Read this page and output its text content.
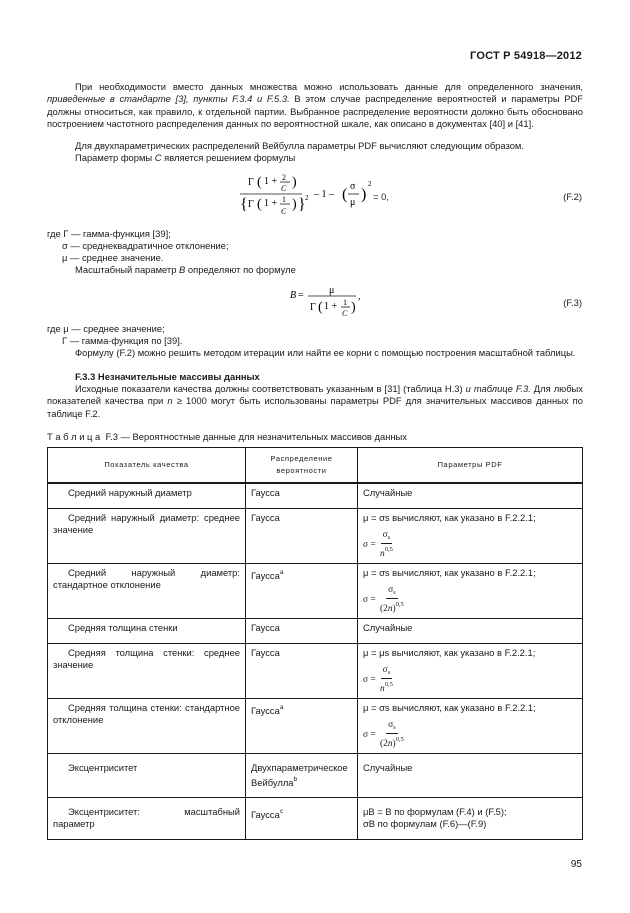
ГОСТ Р 54918—2012
При необходимости вместо данных множества можно использовать данные для определенного значения, приведенные в стандарте [3], пункты F.3.4 и F.5.3. В этом случае распределение вероятностей и параметры PDF должны относиться, как правило, к отдельной партии. Выбранное распределение вероятности должно быть обосновано построением частотного распределения данных по вероятностной шкале, как описано в документах [40] и [41].
Для двухпараметрических распределений Вейбулла параметры PDF вычисляют следующим образом.
Параметр формы C является решением формулы
Γ ( 1 + 2
C )
{ Γ ( 1 + 1
C ) } 2 – 1 – ( σ
μ )
2
= 0,	(F.2)
где Γ — гамма-функция [39];
σ — среднеквадратичное отклонение;
μ — среднее значение.
Масштабный параметр B определяют по формуле
B =	μ
Γ ( 1 + 1
C )
,
(F.3)
где μ — среднее значение;
Γ — гамма-функция по [39].
Формулу (F.2) можно решить методом итерации или найти ее корни с помощью построения масштабной таблицы.
F.3.3 Незначительные массивы данных
Исходные показатели качества должны соответствовать указанным в [31] (таблица H.3) и таблице F.3. Для любых показателей качества при n ≥ 1000 могут быть использованы параметры PDF для значительных массивов данных по таблице F.2.
Т а б л и ц а  F.3 — Вероятностные данные для незначительных массивов данных
Показатель качества	Распределение вероятности	Параметры PDF

Средний наружный диаметр	Гаусса	Случайные

Средний наружный диаметр: среднее значение	Гаусса	μ = σs вычисляют, как указано в F.2.2.1;
$\sigma = \frac{\sigma_s}{n^{0,5}}$

Средний наружный диаметр: стандартное отклонение	Гаусса$^a$	μ = σs вычисляют, как указано в F.2.2.1;
$\sigma = \frac{\sigma_s}{(2n)^{0,5}}$

Средняя толщина стенки	Гаусса	Случайные

Средняя толщина стенки: среднее значение	Гаусса	μ = μs вычисляют, как указано в F.2.2.1;
$\sigma = \frac{\sigma_s}{n^{0,5}}$

Средняя толщина стенки: стандартное отклонение	Гаусса$^a$	μ = σs вычисляют, как указано в F.2.2.1;
$\sigma = \frac{\sigma_s}{(2n)^{0,5}}$

Эксцентриситет	Двухпараметрическое Вейбулла$^b$	Случайные

Эксцентриситет: масштабный параметр	Гаусса$^c$	μB = B по формулам (F.4) и (F.5);
σB по формулам (F.6)—(F.9)
95
